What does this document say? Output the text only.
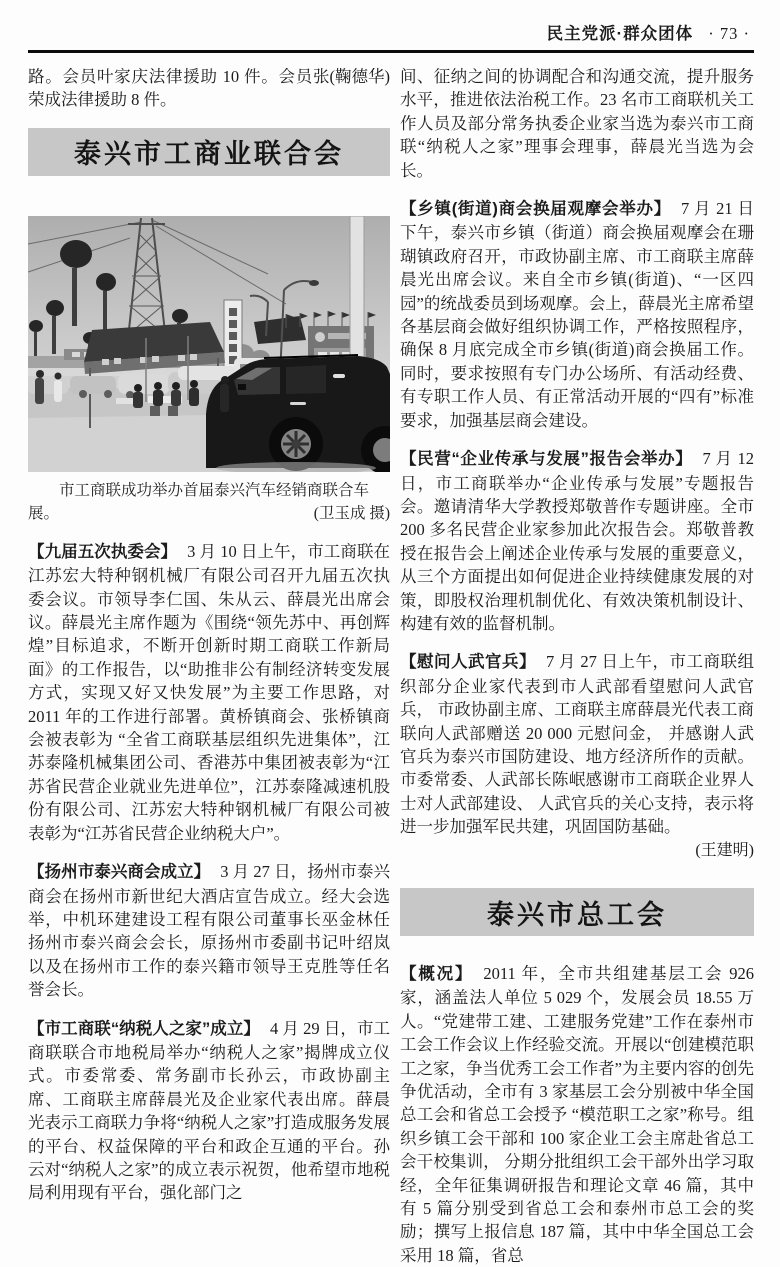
民主党派·群众团体 · 73 ·

(鞠德华)
路。会员叶家庆法律援助 10 件。会员张荣成法律援助 8 件。

泰兴市工商业联合会
市工商联成功举办首届泰兴汽车经销商联合车
展。	(卫玉成 摄)

【九届五次执委会】 3 月 10 日上午，市工商联在江苏宏大特种钢机械厂有限公司召开九届五次执委会议。市领导李仁国、朱从云、薛晨光出席会议。薛晨光主席作题为《围绕“领先苏中、再创辉煌”目标追求，不断开创新时期工商联工作新局面》的工作报告，以“助推非公有制经济转变发展方式，实现又好又快发展”为主要工作思路，对 2011 年的工作进行部署。黄桥镇商会、张桥镇商会被表彰为 “全省工商联基层组织先进集体”，江苏泰隆机械集团公司、香港苏中集团被表彰为“江苏省民营企业就业先进单位”，江苏泰隆减速机股份有限公司、江苏宏大特种钢机械厂有限公司被表彰为“江苏省民营企业纳税大户”。

【扬州市泰兴商会成立】 3 月 27 日，扬州市泰兴商会在扬州市新世纪大酒店宣告成立。经大会选举，中机环建建设工程有限公司董事长巫金林任扬州市泰兴商会会长，原扬州市委副书记叶绍岚以及在扬州市工作的泰兴籍市领导王克胜等任名誉会长。

【市工商联“纳税人之家”成立】 4 月 29 日，市工商联联合市地税局举办“纳税人之家”揭牌成立仪式。市委常委、常务副市长孙云，市政协副主席、工商联主席薛晨光及企业家代表出席。薛晨光表示工商联力争将“纳税人之家”打造成服务发展的平台、权益保障的平台和政企互通的平台。孙云对“纳税人之家”的成立表示祝贺，他希望市地税局利用现有平台，强化部门之

间、征纳之间的协调配合和沟通交流，提升服务水平，推进依法治税工作。23 名市工商联机关工作人员及部分常务执委企业家当选为泰兴市工商联“纳税人之家”理事会理事，薛晨光当选为会长。

【乡镇(街道)商会换届观摩会举办】 7 月 21 日下午，泰兴市乡镇（街道）商会换届观摩会在珊瑚镇政府召开，市政协副主席、市工商联主席薛晨光出席会议。来自全市乡镇(街道)、“一区四园”的统战委员到场观摩。会上，薛晨光主席希望各基层商会做好组织协调工作，严格按照程序，确保 8 月底完成全市乡镇(街道)商会换届工作。同时，要求按照有专门办公场所、有活动经费、有专职工作人员、有正常活动开展的“四有”标准要求，加强基层商会建设。

【民营“企业传承与发展”报告会举办】 7 月 12 日，市工商联举办“企业传承与发展”专题报告会。邀请清华大学教授郑敬普作专题讲座。全市 200 多名民营企业家参加此次报告会。郑敬普教授在报告会上阐述企业传承与发展的重要意义， 从三个方面提出如何促进企业持续健康发展的对策，即股权治理机制优化、有效决策机制设计、构建有效的监督机制。

【慰问人武官兵】 7 月 27 日上午，市工商联组织部分企业家代表到市人武部看望慰问人武官兵， 市政协副主席、工商联主席薛晨光代表工商联向人武部赠送 20 000 元慰问金， 并感谢人武官兵为泰兴市国防建设、地方经济所作的贡献。市委常委、人武部长陈岷感谢市工商联企业界人士对人武部建设、 人武官兵的关心支持，表示将进一步加强军民共建，巩固国防基础。

(王建明)

泰兴市总工会

【概况】 2011 年，全市共组建基层工会 926 家，涵盖法人单位 5 029 个，发展会员 18.55 万人。“党建带工建、工建服务党建”工作在泰州市工会工作会议上作经验交流。开展以“创建模范职工之家，争当优秀工会工作者”为主要内容的创先争优活动，全市有 3 家基层工会分别被中华全国总工会和省总工会授予 “模范职工之家”称号。组织乡镇工会干部和 100 家企业工会主席赴省总工会干校集训， 分期分批组织工会干部外出学习取经，全年征集调研报告和理论文章 46 篇，其中有 5 篇分别受到省总工会和泰州市总工会的奖励；撰写上报信息 187 篇，其中中华全国总工会采用 18 篇，省总
